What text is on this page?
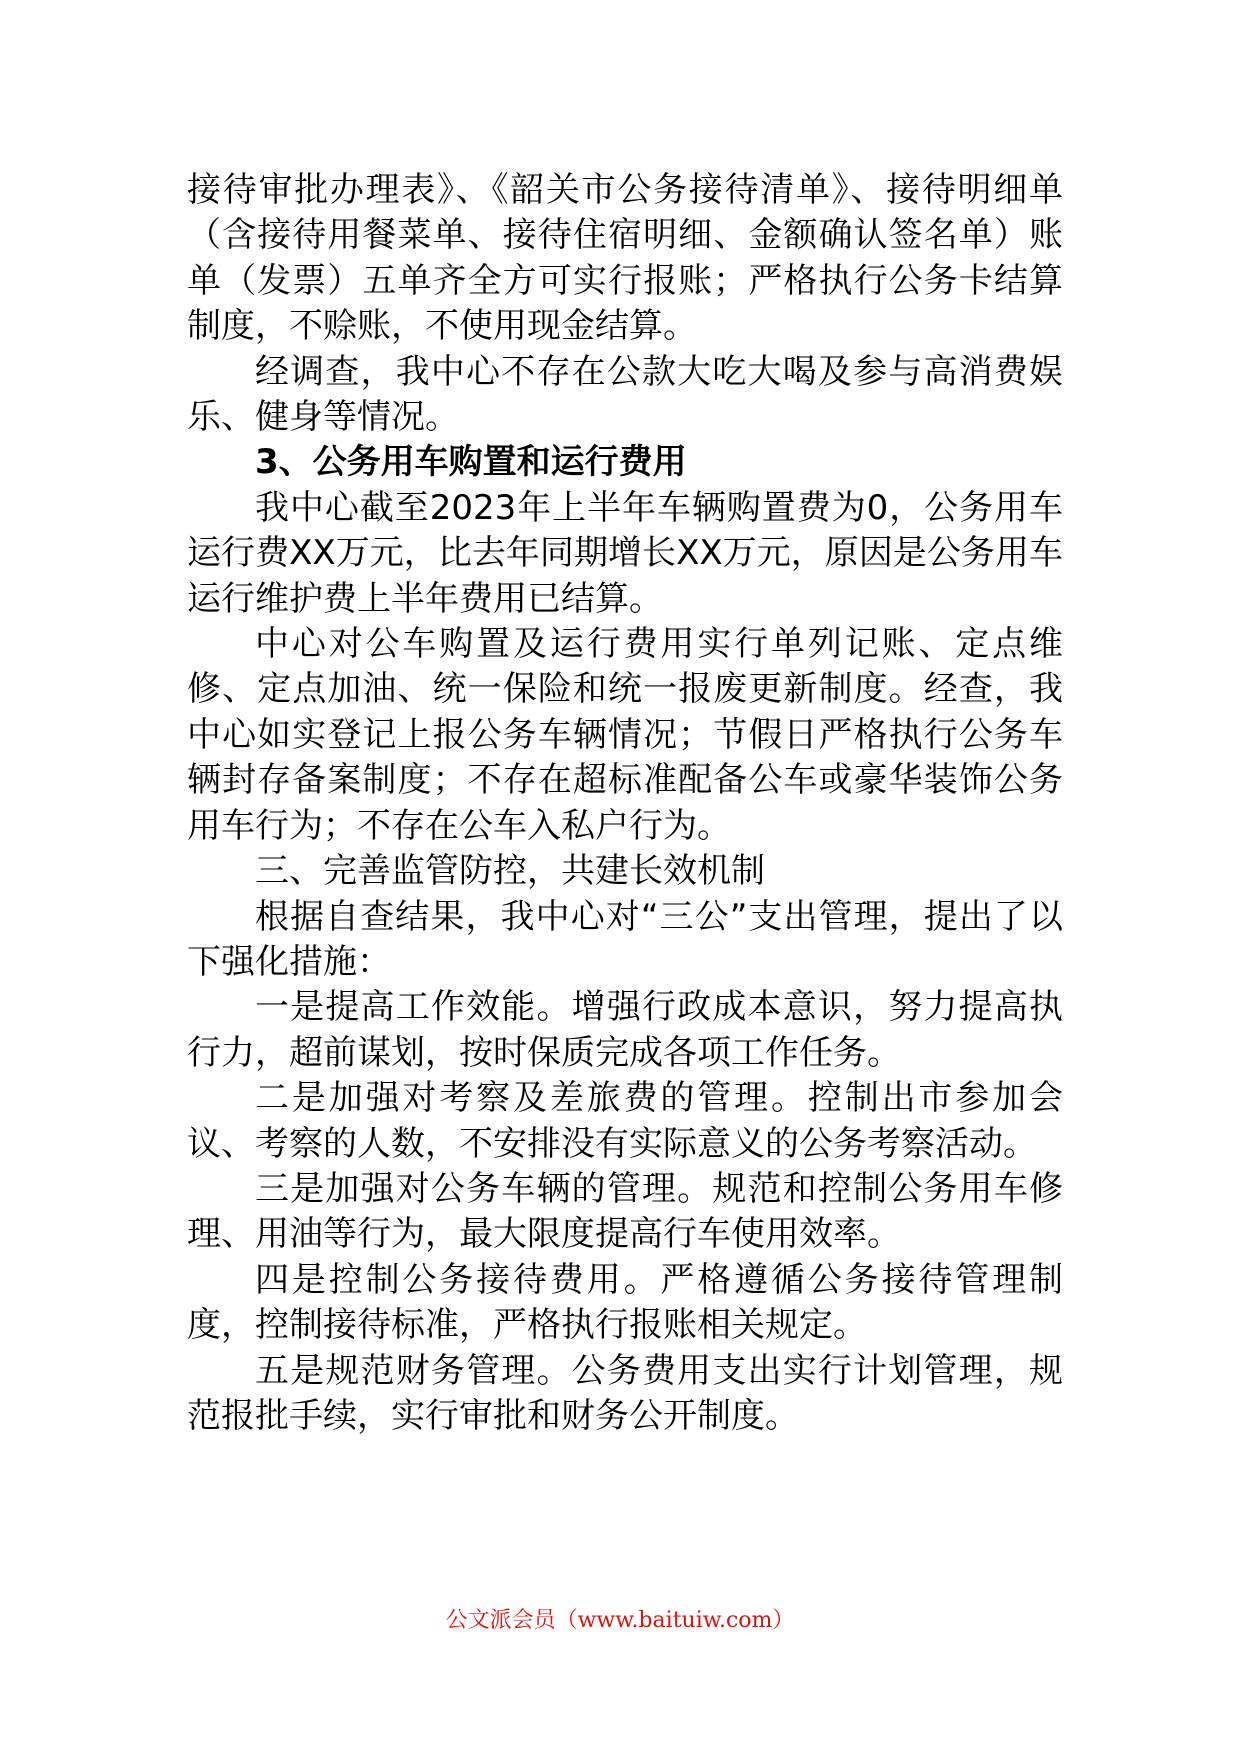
接待审批办理表》、《韶关市公务接待清单》、接待明细单（含接待用餐菜单、接待住宿明细、金额确认签名单）账单（发票）五单齐全方可实行报账；严格执行公务卡结算制度，不赊账，不使用现金结算。

经调查，我中心不存在公款大吃大喝及参与高消费娱乐、健身等情况。

3、公务用车购置和运行费用

我中心截至2023年上半年车辆购置费为0，公务用车运行费XX万元，比去年同期增长XX万元，原因是公务用车运行维护费上半年费用已结算。

中心对公车购置及运行费用实行单列记账、定点维修、定点加油、统一保险和统一报废更新制度。经查，我中心如实登记上报公务车辆情况；节假日严格执行公务车辆封存备案制度；不存在超标准配备公车或豪华装饰公务用车行为；不存在公车入私户行为。

三、完善监管防控，共建长效机制

根据自查结果，我中心对“三公”支出管理，提出了以下强化措施：

一是提高工作效能。增强行政成本意识，努力提高执行力，超前谋划，按时保质完成各项工作任务。

二是加强对考察及差旅费的管理。控制出市参加会议、考察的人数，不安排没有实际意义的公务考察活动。

三是加强对公务车辆的管理。规范和控制公务用车修理、用油等行为，最大限度提高行车使用效率。

四是控制公务接待费用。严格遵循公务接待管理制度，控制接待标准，严格执行报账相关规定。

五是规范财务管理。公务费用支出实行计划管理，规范报批手续，实行审批和财务公开制度。

公文派会员（www.baituiw.com）
